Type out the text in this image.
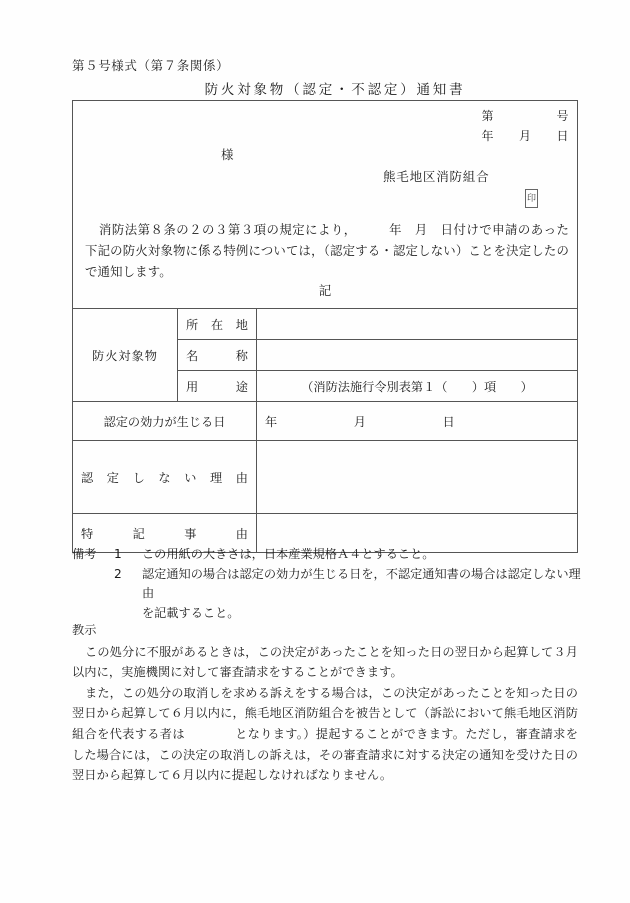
第５号様式（第７条関係）
防火対象物（認定・不認定）通知書
第　　　　　号
年　　月　　日
様
熊毛地区消防組合
印
消防法第８条の２の３第３項の規定により，　　　年　月　日付けで申請のあった下記の防火対象物に係る特例については，（認定する・認定しない）ことを決定したので通知します。
記
防火対象物	所　在　地	

	名　　　称	

	用　　　途	（消防法施行令別表第１（　　）項　　）
認定の効力が生じる日		年　　　月　　　日

認定しない理由		

特記事由		

備考	1	この用紙の大きさは，日本産業規格Ａ４とすること。
2	認定通知の場合は認定の効力が生じる日を，不認定通知書の場合は認定しない理由
を記載すること。
教示

この処分に不服があるときは，この決定があったことを知った日の翌日から起算して３月以内に，実施機関に対して審査請求をすることができます。

また，この処分の取消しを求める訴えをする場合は，この決定があったことを知った日の翌日から起算して６月以内に，熊毛地区消防組合を被告として（訴訟において熊毛地区消防組合を代表する者は　　　　となります。）提起することができます。ただし，審査請求をした場合には，この決定の取消しの訴えは，その審査請求に対する決定の通知を受けた日の翌日から起算して６月以内に提起しなければなりません。
